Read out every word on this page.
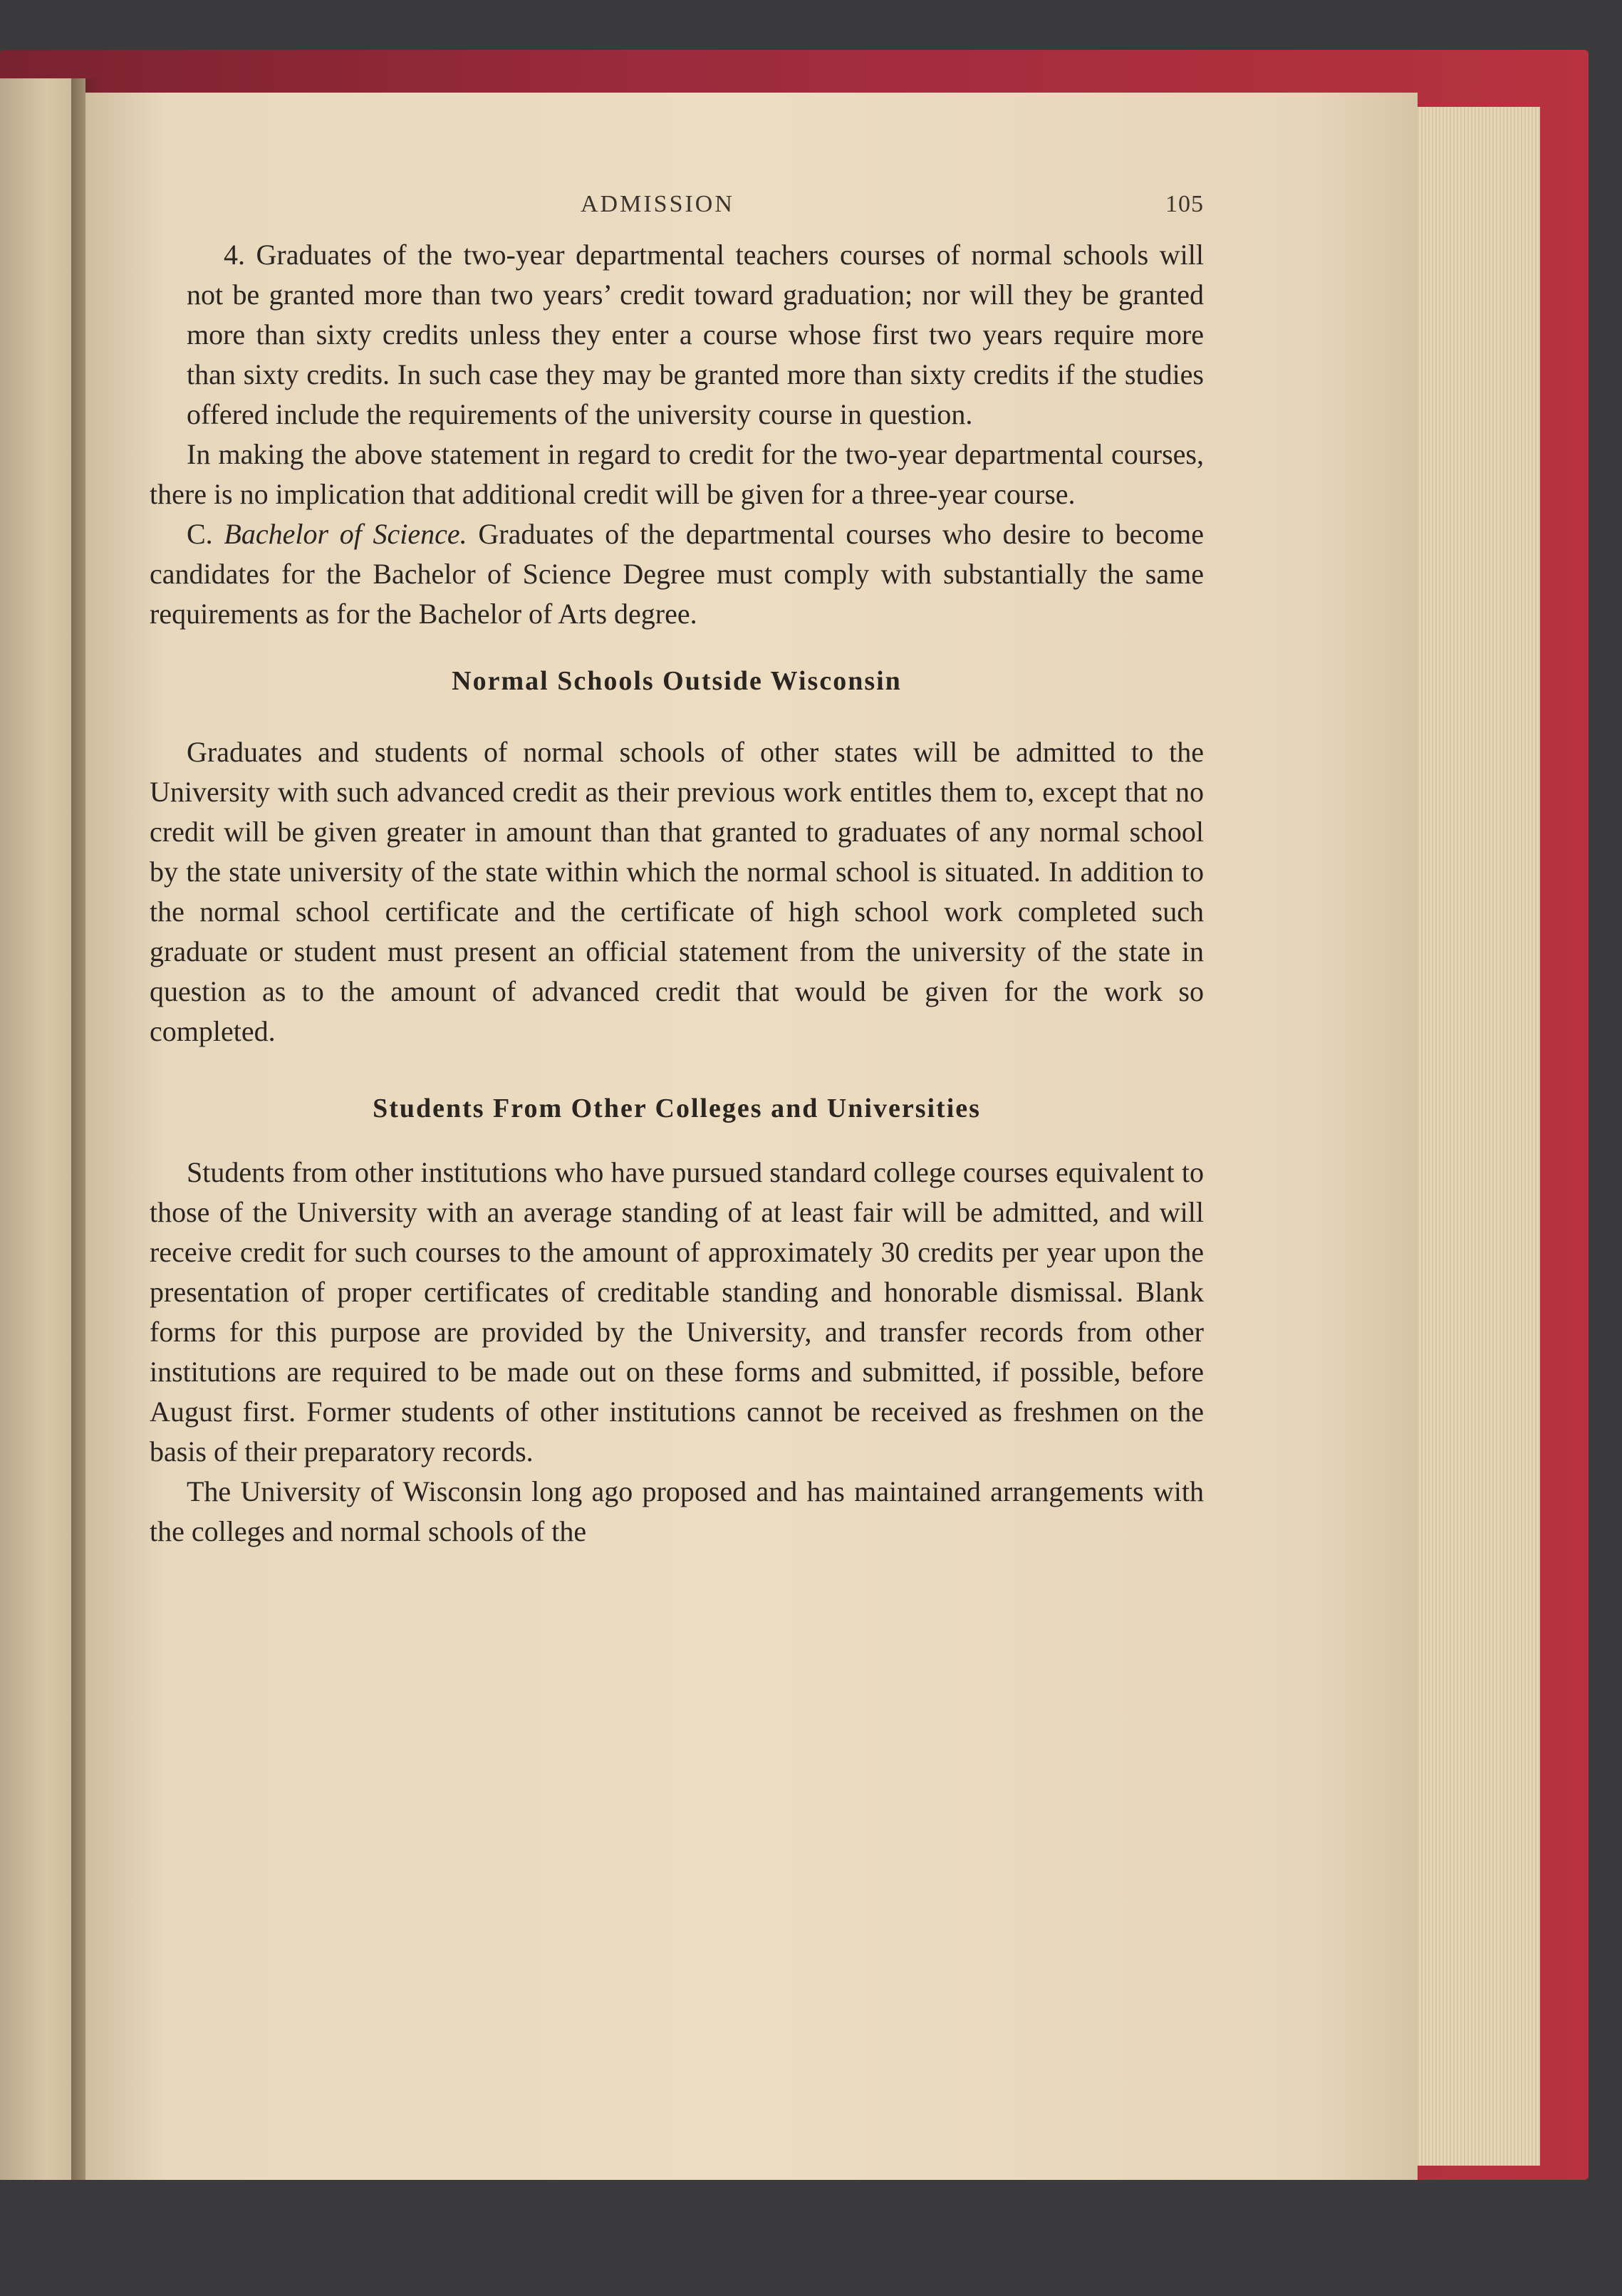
ADMISSION	105

4. Graduates of the two-year departmental teachers courses of normal schools will not be granted more than two years’ credit toward graduation; nor will they be granted more than sixty credits unless they enter a course whose first two years require more than sixty credits. In such case they may be granted more than sixty credits if the studies offered include the requirements of the university course in question.

In making the above statement in regard to credit for the two-year departmental courses, there is no implication that additional credit will be given for a three-year course.

C. Bachelor of Science. Graduates of the departmental courses who desire to become candidates for the Bachelor of Science Degree must comply with substantially the same requirements as for the Bachelor of Arts degree.

Normal Schools Outside Wisconsin

Graduates and students of normal schools of other states will be admitted to the University with such advanced credit as their previous work entitles them to, except that no credit will be given greater in amount than that granted to graduates of any normal school by the state university of the state within which the normal school is situated. In addition to the normal school certificate and the certificate of high school work completed such graduate or student must present an official statement from the university of the state in question as to the amount of advanced credit that would be given for the work so completed.

Students From Other Colleges and Universities

Students from other institutions who have pursued standard college courses equivalent to those of the University with an average standing of at least fair will be admitted, and will receive credit for such courses to the amount of approximately 30 credits per year upon the presentation of proper certificates of creditable standing and honorable dismissal. Blank forms for this purpose are provided by the University, and transfer records from other institutions are required to be made out on these forms and submitted, if possible, before August first. Former students of other institutions cannot be received as freshmen on the basis of their preparatory records.

The University of Wisconsin long ago proposed and has maintained arrangements with the colleges and normal schools of the
